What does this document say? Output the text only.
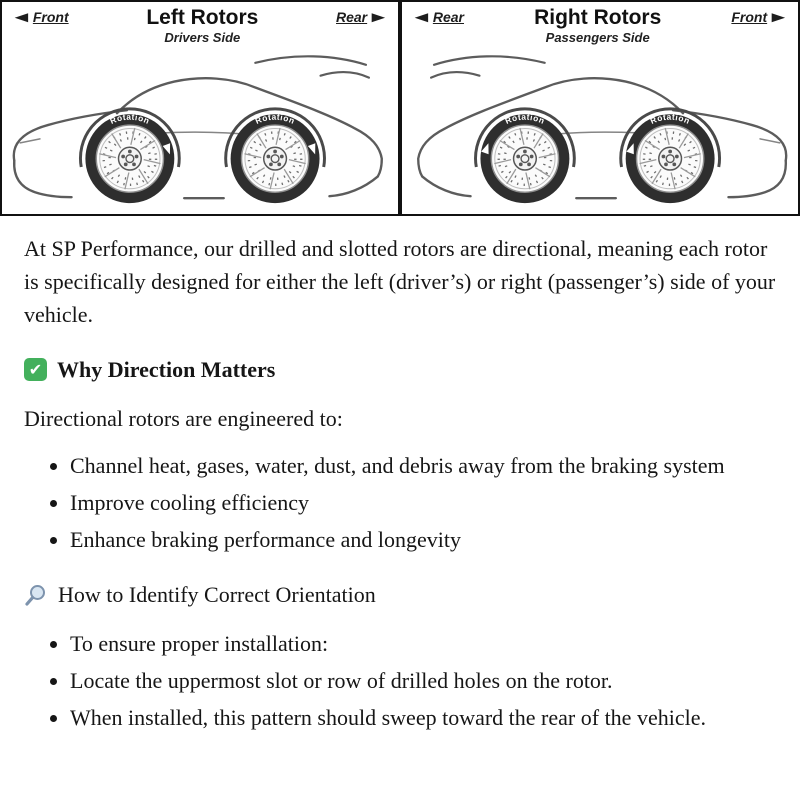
◄Front	Left Rotors
Drivers Side
Rear►
Rotation	Rotation
◄Rear	Right Rotors
Passengers Side
Front►
Rotation	Rotation

At SP Performance, our drilled and slotted rotors are directional, meaning each rotor is specifically designed for either the left (driver’s) or right (passenger’s) side of your vehicle.

✔ Why Direction Matters

Directional rotors are engineered to:

• Channel heat, gases, water, dust, and debris away from the braking system
• Improve cooling efficiency
• Enhance braking performance and longevity
How to Identify Correct Orientation
• To ensure proper installation:
• Locate the uppermost slot or row of drilled holes on the rotor.
• When installed, this pattern should sweep toward the rear of the vehicle.
